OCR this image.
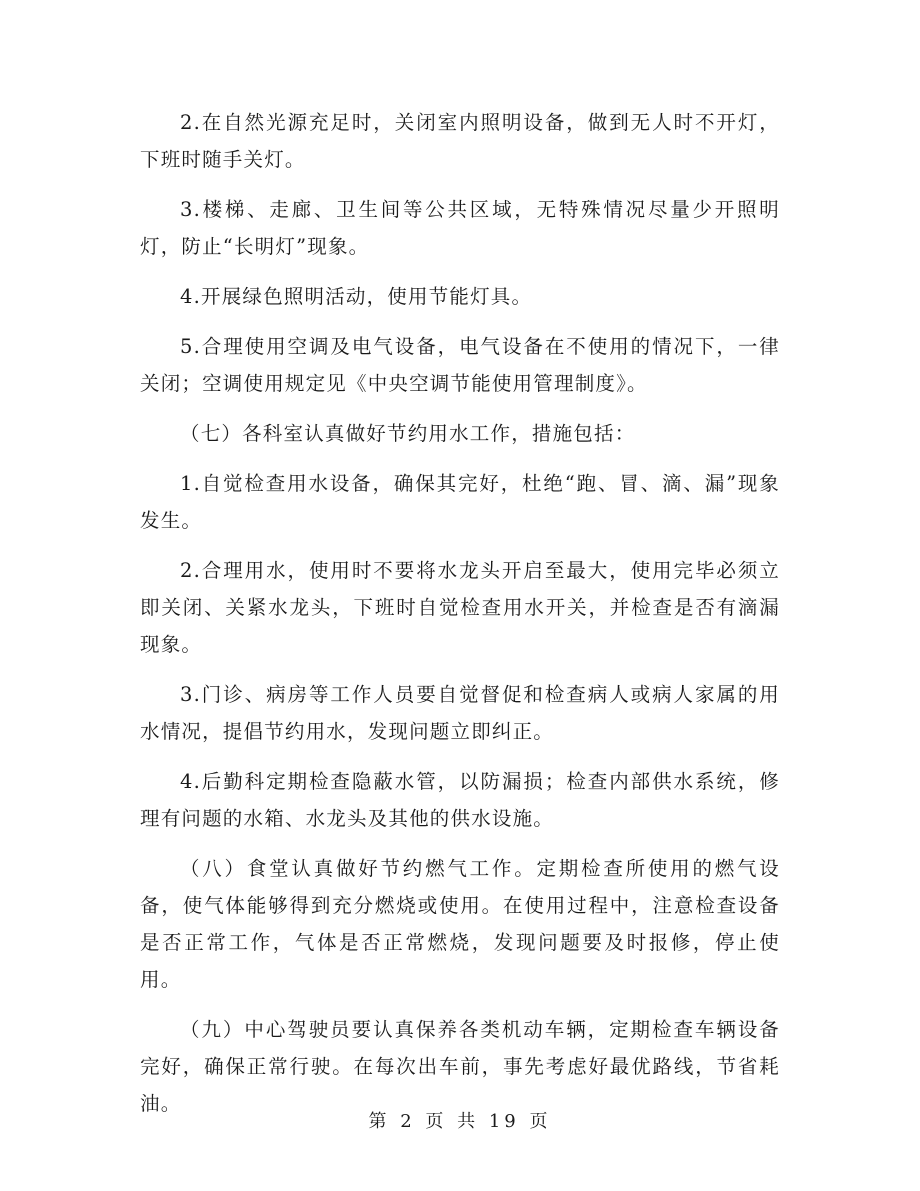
2.在自然光源充足时，关闭室内照明设备，做到无人时不开灯，下班时随手关灯。

3.楼梯、走廊、卫生间等公共区域，无特殊情况尽量少开照明灯，防止“长明灯”现象。

4.开展绿色照明活动，使用节能灯具。

5.合理使用空调及电气设备，电气设备在不使用的情况下，一律关闭；空调使用规定见《中央空调节能使用管理制度》。

（七）各科室认真做好节约用水工作，措施包括：

1.自觉检查用水设备，确保其完好，杜绝“跑、冒、滴、漏”现象发生。

2.合理用水，使用时不要将水龙头开启至最大，使用完毕必须立即关闭、关紧水龙头，下班时自觉检查用水开关，并检查是否有滴漏现象。

3.门诊、病房等工作人员要自觉督促和检查病人或病人家属的用水情况，提倡节约用水，发现问题立即纠正。

4.后勤科定期检查隐蔽水管，以防漏损；检查内部供水系统，修理有问题的水箱、水龙头及其他的供水设施。

（八）食堂认真做好节约燃气工作。定期检查所使用的燃气设备，使气体能够得到充分燃烧或使用。在使用过程中，注意检查设备是否正常工作，气体是否正常燃烧，发现问题要及时报修，停止使用。

（九）中心驾驶员要认真保养各类机动车辆，定期检查车辆设备完好，确保正常行驶。在每次出车前，事先考虑好最优路线，节省耗油。

第 2 页 共 19 页
